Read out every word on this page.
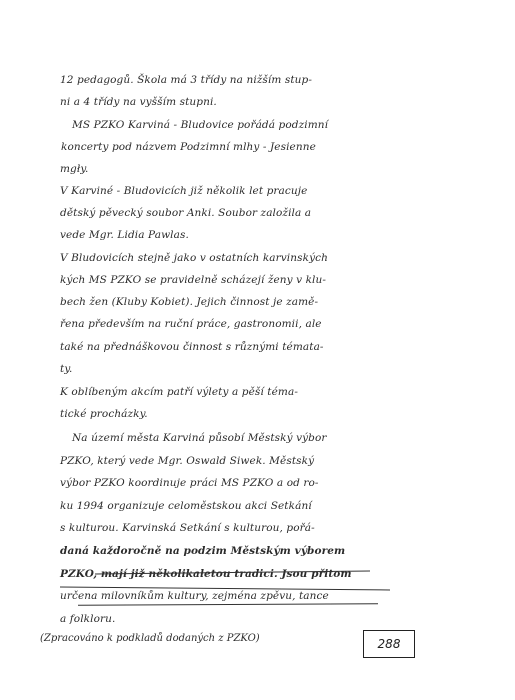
12 pedagogů. Škola má 3 třídy na nižším stup-
ni a 4 třídy na vyšším stupni.
MS PZKO Karviná - Bludovice pořádá podzimní
koncerty pod názvem Podzimní mlhy - Jesienne
mgły.
V Karviné - Bludovicích již několik let pracuje
dětský pěvecký soubor Anki. Soubor založila a
vede Mgr. Lidia Pawlas.
V Bludovicích stejně jako v ostatních karvinských
kých MS PZKO se pravidelně scházejí ženy v klu-
bech žen (Kluby Kobiet). Jejich činnost je zamě-
řena především na ruční práce, gastronomii, ale
také na přednáškovou činnost s různými témata-
ty.
K oblíbeným akcím patří výlety a pěší téma-
tické procházky.
Na území města Karviná působí Městský výbor
PZKO, který vede Mgr. Oswald Siwek. Městský
výbor PZKO koordinuje práci MS PZKO a od ro-
ku 1994 organizuje celoměstskou akci Setkání
s kulturou. Karvinská Setkání s kulturou, pořá-
daná každoročně na podzim Městským výborem
PZKO, mají již několikaletou tradici. Jsou přitom
určena milovníkům kultury, zejména zpěvu, tance
a folkloru.
(Zpracováno k podkladů dodaných z PZKO)	288
